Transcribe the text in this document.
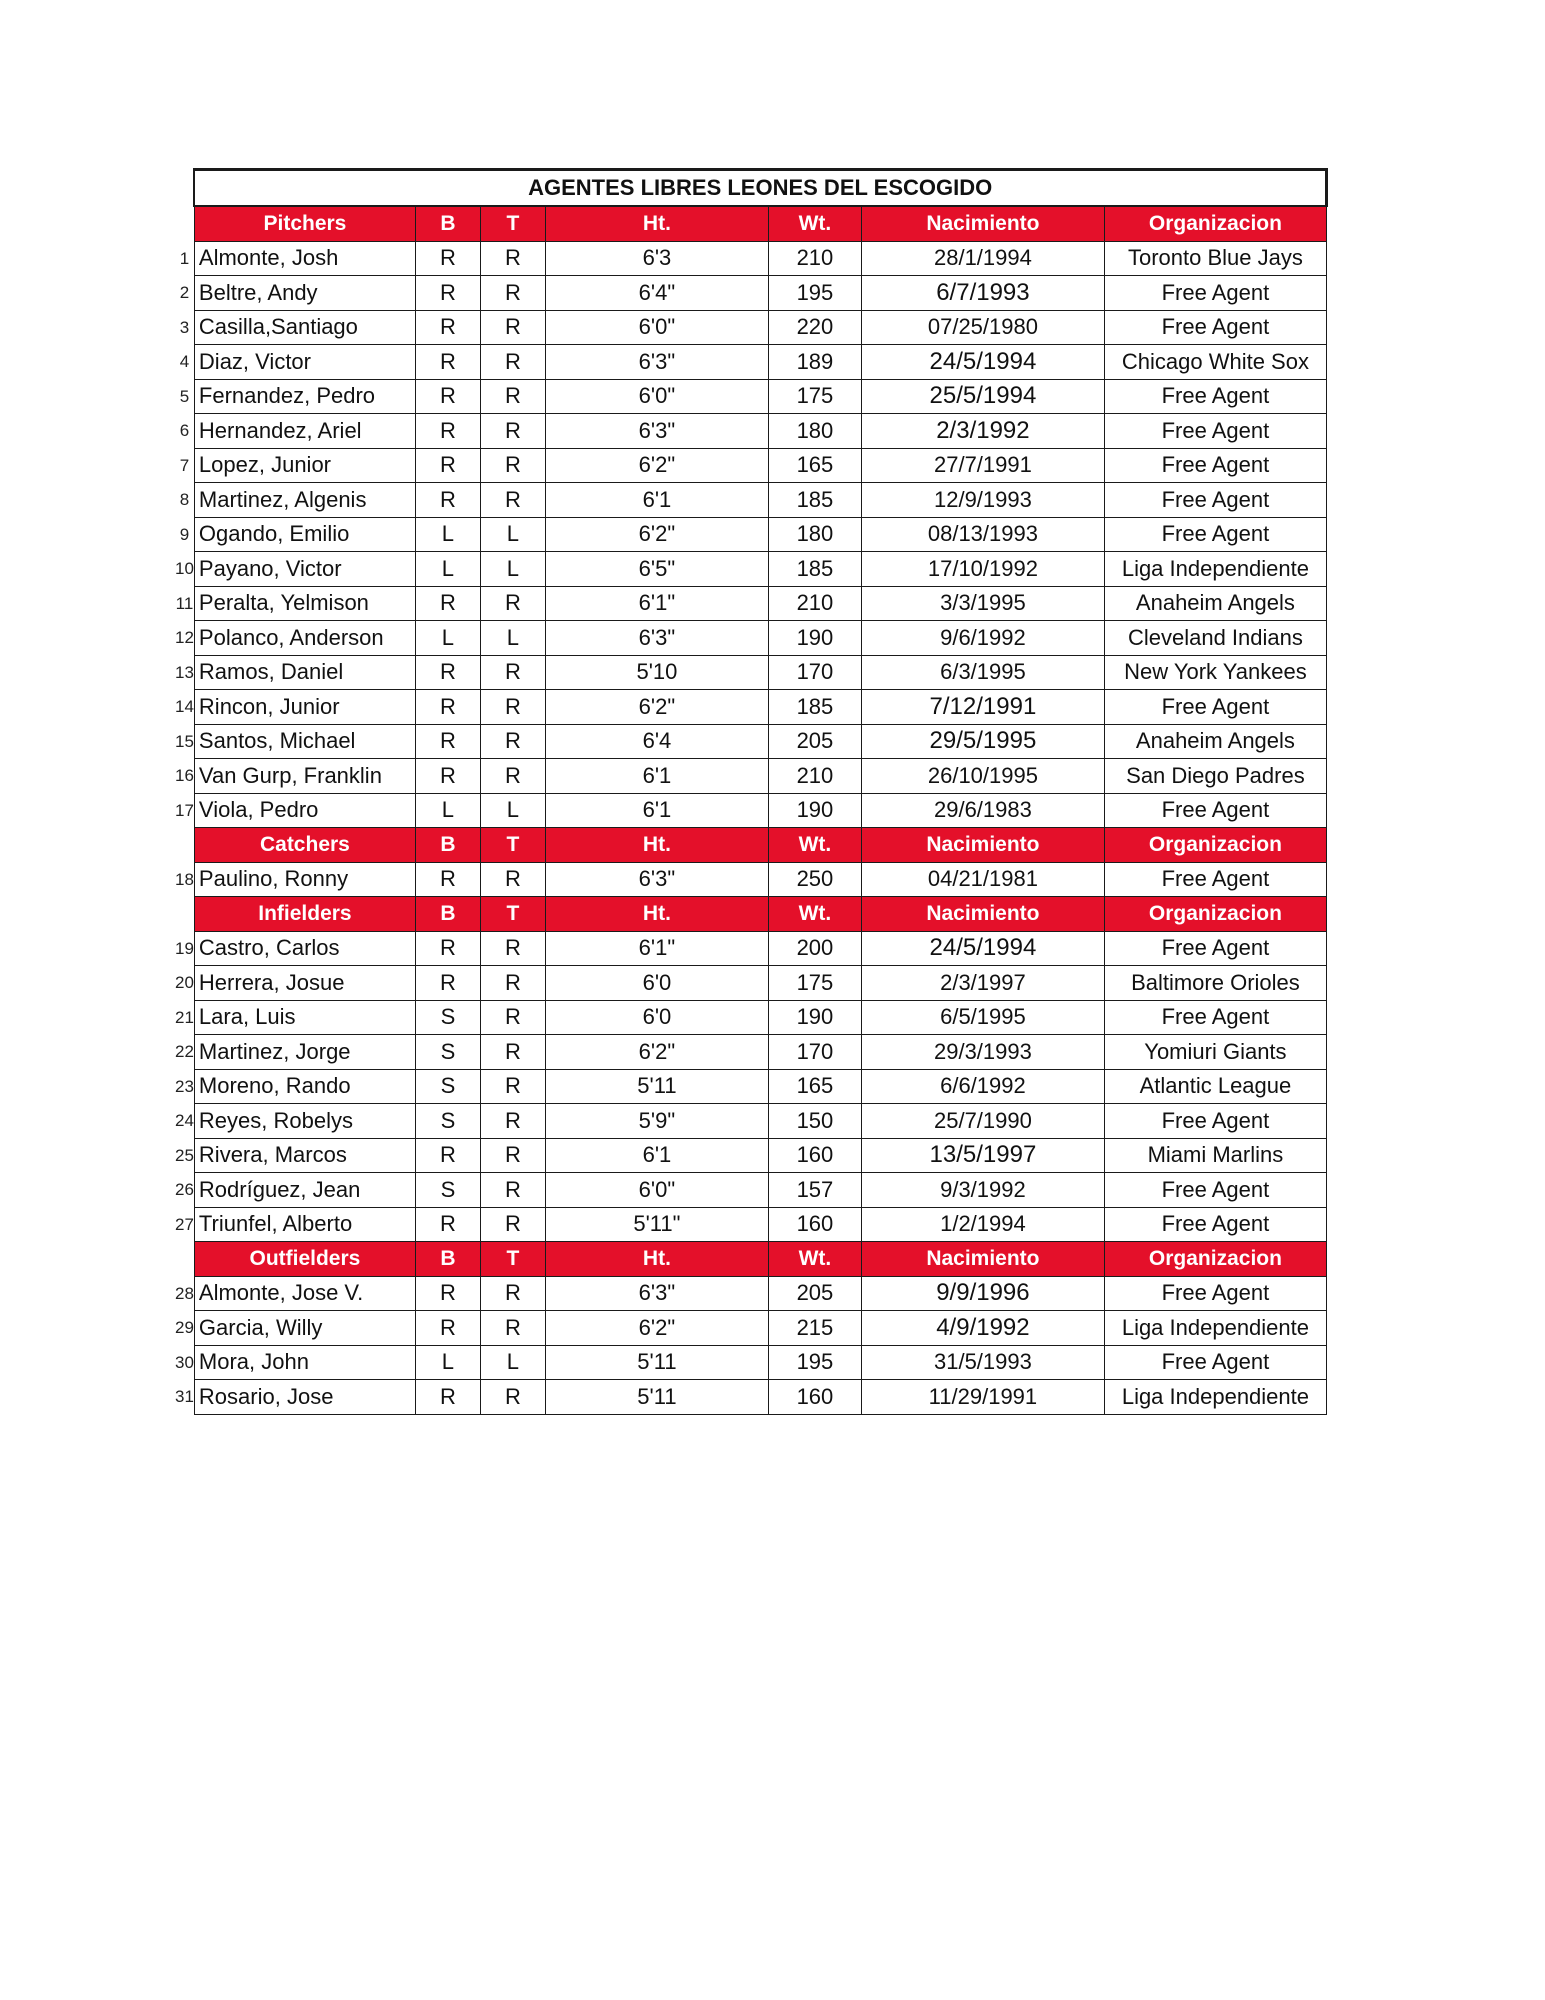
	AGENTES LIBRES LEONES DEL ESCOGIDO						
	Pitchers	B	T	Ht.	Wt.	Nacimiento	Organizacion
1	Almonte, Josh	R	R	6'3	210	28/1/1994	Toronto Blue Jays
2	Beltre, Andy	R	R	6'4"	195	6/7/1993	Free Agent
3	Casilla,Santiago	R	R	6'0"	220	07/25/1980	Free Agent
4	Diaz, Victor	R	R	6'3"	189	24/5/1994	Chicago White Sox
5	Fernandez, Pedro	R	R	6'0"	175	25/5/1994	Free Agent
6	Hernandez, Ariel	R	R	6'3"	180	2/3/1992	Free Agent
7	Lopez, Junior	R	R	6'2"	165	27/7/1991	Free Agent
8	Martinez, Algenis	R	R	6'1	185	12/9/1993	Free Agent
9	Ogando, Emilio	L	L	6'2"	180	08/13/1993	Free Agent
10	Payano, Victor	L	L	6'5"	185	17/10/1992	Liga Independiente
11	Peralta, Yelmison	R	R	6'1"	210	3/3/1995	Anaheim Angels
12	Polanco, Anderson	L	L	6'3"	190	9/6/1992	Cleveland Indians
13	Ramos, Daniel	R	R	5'10	170	6/3/1995	New York Yankees
14	Rincon, Junior	R	R	6'2"	185	7/12/1991	Free Agent
15	Santos, Michael	R	R	6'4	205	29/5/1995	Anaheim Angels
16	Van Gurp, Franklin	R	R	6'1	210	26/10/1995	San Diego Padres
17	Viola, Pedro	L	L	6'1	190	29/6/1983	Free Agent
	Catchers	B	T	Ht.	Wt.	Nacimiento	Organizacion
18	Paulino, Ronny	R	R	6'3"	250	04/21/1981	Free Agent
	Infielders	B	T	Ht.	Wt.	Nacimiento	Organizacion
19	Castro, Carlos	R	R	6'1"	200	24/5/1994	Free Agent
20	Herrera, Josue	R	R	6'0	175	2/3/1997	Baltimore Orioles
21	Lara, Luis	S	R	6'0	190	6/5/1995	Free Agent
22	Martinez, Jorge	S	R	6'2"	170	29/3/1993	Yomiuri Giants
23	Moreno, Rando	S	R	5'11	165	6/6/1992	Atlantic League
24	Reyes, Robelys	S	R	5'9"	150	25/7/1990	Free Agent
25	Rivera, Marcos	R	R	6'1	160	13/5/1997	Miami Marlins
26	Rodríguez, Jean	S	R	6'0"	157	9/3/1992	Free Agent
27	Triunfel, Alberto	R	R	5'11"	160	1/2/1994	Free Agent
	Outfielders	B	T	Ht.	Wt.	Nacimiento	Organizacion
28	Almonte, Jose V.	R	R	6'3"	205	9/9/1996	Free Agent
29	Garcia, Willy	R	R	6'2"	215	4/9/1992	Liga Independiente
30	Mora, John	L	L	5'11	195	31/5/1993	Free Agent
31	Rosario, Jose	R	R	5'11	160	11/29/1991	Liga Independiente
